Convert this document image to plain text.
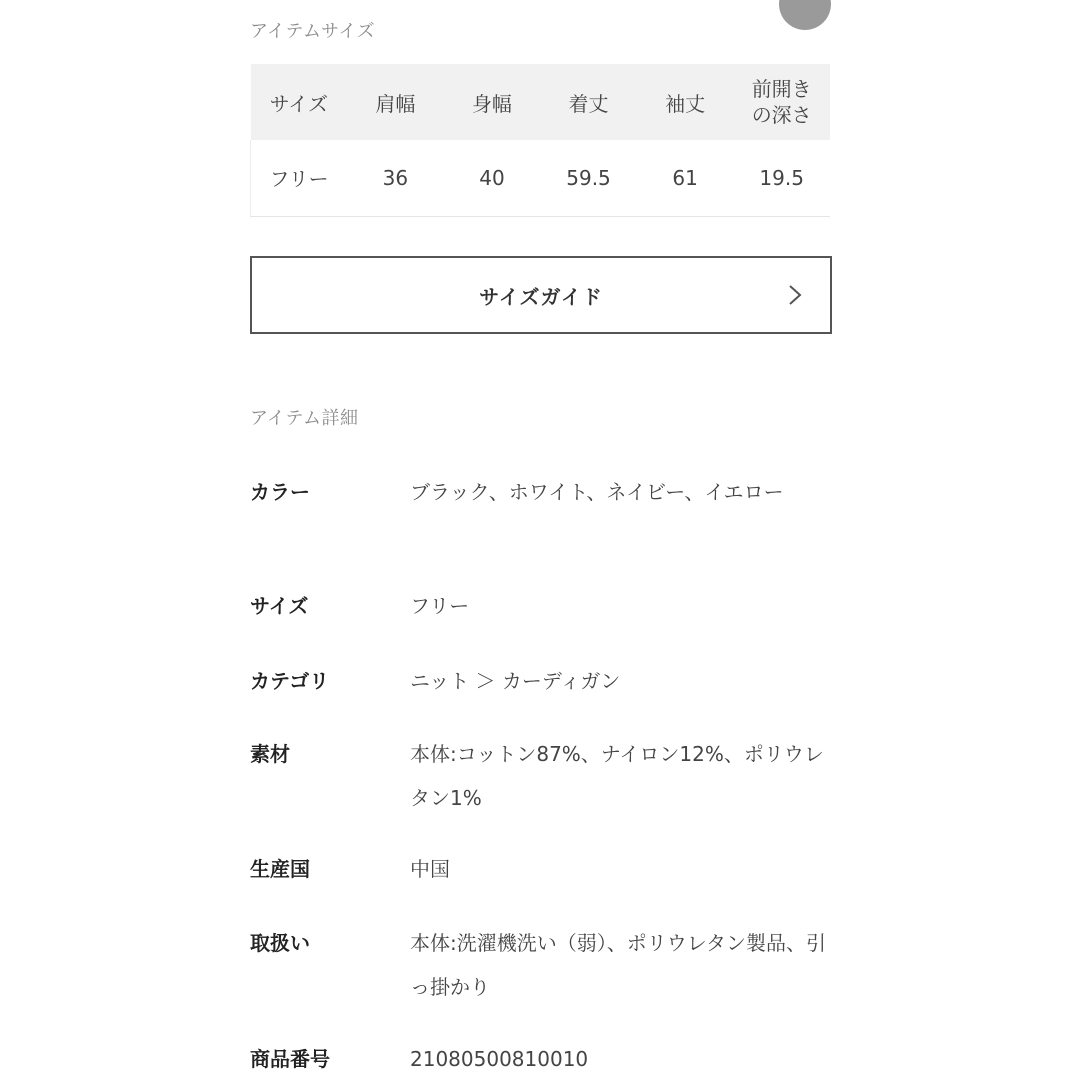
アイテムサイズ
サイズ	肩幅	身幅	着丈	袖丈	前開き
の深さ
フリー	36	40	59.5	61	19.5
サイズガイド
アイテム詳細
カラー	ブラック、ホワイト、ネイビー、イエロー
サイズ	フリー
カテゴリ	ニット ＞ カーディガン
素材	本体:コットン87%、ナイロン12%、ポリウレタン1%
生産国	中国
取扱い	本体:洗濯機洗い（弱）、ポリウレタン製品、引っ掛かり
商品番号	21080500810010
